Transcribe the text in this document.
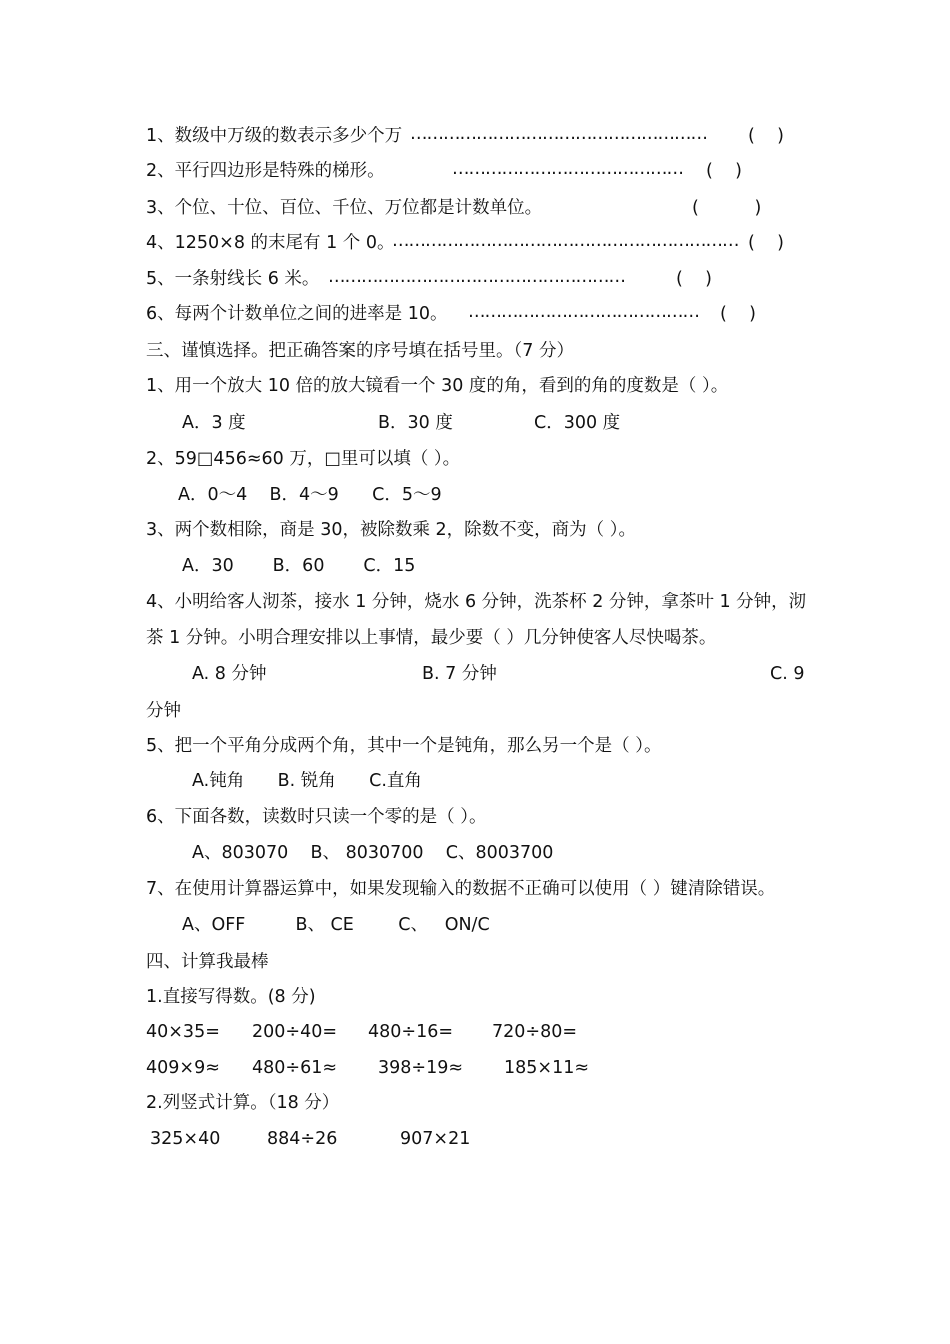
1、数级中万级的数表示多少个万 ……………………………………………… (    )
2、平行四边形是特殊的梯形。	…………………………………… (    )
3、个位、十位、百位、千位、万位都是计数单位。	(          )
4、1250×8 的末尾有 1 个 0。
……………………………………………………… (    )
5、一条射线长 6 米。 ………………………………………………	(    )
6、每两个计数单位之间的进率是 10。 …………………………………… (    )
三、谨慎选择。把正确答案的序号填在括号里。（7 分）
1、用一个放大 10 倍的放大镜看一个 30 度的角，看到的角的度数是（ ）。
A．3 度	B．30 度	C．300 度
2、59□456≈60 万，□里可以填（ ）。
A．0～4    B．4～9      C．5～9
3、两个数相除，商是 30，被除数乘 2，除数不变，商为（ ）。
A．30       B．60       C．15
4、小明给客人沏茶，接水 1 分钟，烧水 6 分钟，洗茶杯 2 分钟，拿茶叶 1 分钟，沏
茶 1 分钟。小明合理安排以上事情，最少要（ ）几分钟使客人尽快喝茶。
A. 8 分钟	B. 7 分钟	C. 9
分钟
5、把一个平角分成两个角，其中一个是钝角，那么另一个是（ ）。
A.钝角      B. 锐角      C.直角
6、下面各数，读数时只读一个零的是（ ）。
A、803070    B、 8030700    C、8003700
7、在使用计算器运算中，如果发现输入的数据不正确可以使用（ ）键清除错误。
A、OFF         B、 CE        C、   ON/C
四、计算我最棒
1.直接写得数。(8 分)
40×35= 200÷40= 480÷16= 720÷80=
409×9≈ 480÷61≈ 398÷19≈ 185×11≈
2.列竖式计算。（18 分）
325×40	884÷26	907×21
